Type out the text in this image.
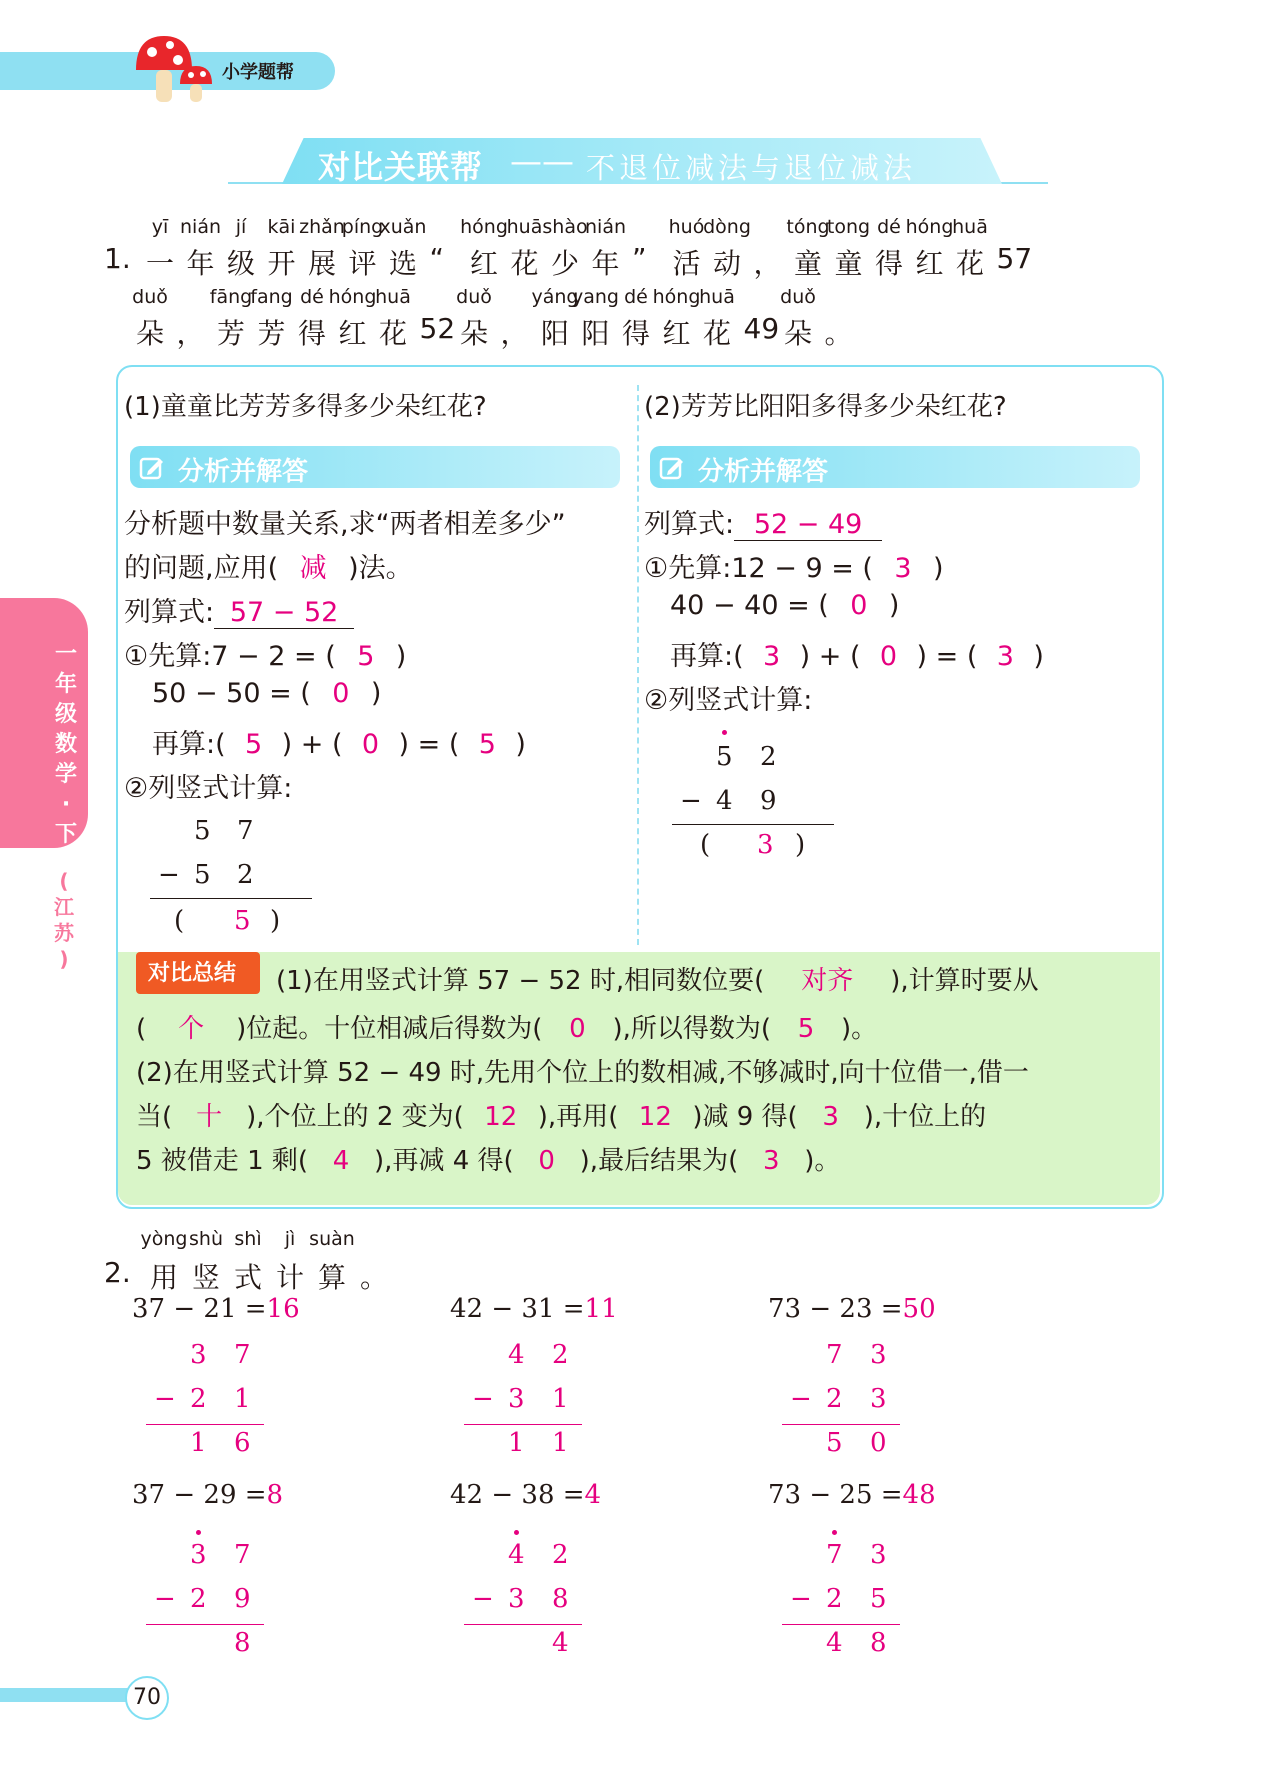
小学题帮
对比关联帮 —— 不退位减法与退位减法
1.
yī
一
nián
年
jí
级
kāi
开
zhǎn
展
píng
评
xuǎn
选 “
hóng
红
huā
花
shào
少
nián
年 ”
huó
活
dòng
动 ，
tóng
童
tong
童
dé
得
hóng
红
huā
花 57
duǒ
朵 ，
fāng
芳
fang
芳
dé
得
hóng
红
huā
花 52
duǒ
朵 ，
yáng
阳
yang
阳
dé
得
hóng
红
huā
花 49
duǒ
朵 。
(1)童童比芳芳多得多少朵红花?
分析并解答
分析题中数量关系,求“两者相差多少”
的问题,应用( 减 )法。
列算式: 57 − 52
①先算:7 − 2 = ( 5 )
50 − 50 = ( 0 )
再算:( 5 ) + ( 0 ) = ( 5 )
②列竖式计算:
5 7
− 5 2
( 5 )
(2)芳芳比阳阳多得多少朵红花?
分析并解答
列算式: 52 − 49
①先算:12 − 9 = ( 3 )
40 − 40 = ( 0 )
再算:( 3 ) + ( 0 ) = ( 3 )
②列竖式计算:
5 2
− 4 9
( 3 )
对比总结 (1)在用竖式计算 57 − 52 时,相同数位要( 对齐 ),计算时要从
( 个 )位起。十位相减后得数为( 0 ),所以得数为( 5 )。
(2)在用竖式计算 52 − 49 时,先用个位上的数相减,不够减时,向十位借一,借一
当( 十 ),个位上的 2 变为( 12 ),再用( 12 )减 9 得( 3 ),十位上的
5 被借走 1 剩( 4 ),再减 4 得( 0 ),最后结果为( 3 )。
2.
yòng
用
shù
竖
shì
式
jì
计
suàn
算 。
37 − 21 =16
3 7
− 2 1
1 6
42 − 31 =11
4 2
− 3 1
1 1
73 − 23 =50
7 3
− 2 3
5 0
37 − 29 =8
3 7
− 2 9
8
42 − 38 =4
4 2
− 3 8
4
73 − 25 =48
7 3
− 2 5
4 8
一
年
级
数
学
·
下
(
江
苏
)
70
